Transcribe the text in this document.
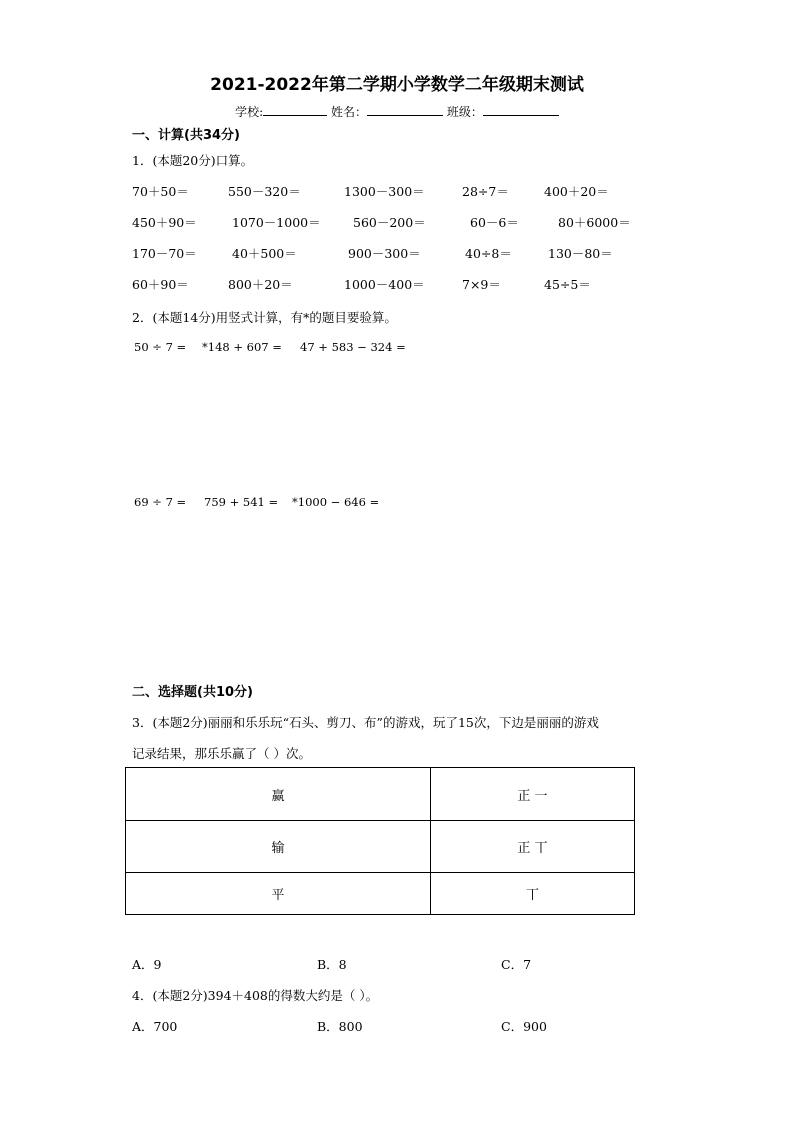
2021-2022年第二学期小学数学二年级期末测试
学校:	姓名：	班级：
一、计算(共34分)
1．(本题20分)口算。
70＋50＝	550－320＝	1300－300＝	28÷7＝	400＋20＝
450＋90＝	1070－1000＝	560－200＝	60－6＝	80＋6000＝
170－70＝	40＋500＝	900－300＝	40÷8＝	130－80＝
60＋90＝	800＋20＝	1000－400＝	7×9＝	45÷5＝
2．(本题14分)用竖式计算，有*的题目要验算。
50 ÷ 7 = *148 + 607 = 47 + 583 − 324 =
69 ÷ 7 = 759 + 541 = *1000 − 646 =
二、选择题(共10分)
3．(本题2分)丽丽和乐乐玩“石头、剪刀、布”的游戏，玩了15次，下边是丽丽的游戏
记录结果，那乐乐赢了（ ）次。
赢	正 一
输	正 丅
平	丅
A．9	B．8	C．7
4．(本题2分)394＋408的得数大约是（ ）。
A．700	B．800	C．900
